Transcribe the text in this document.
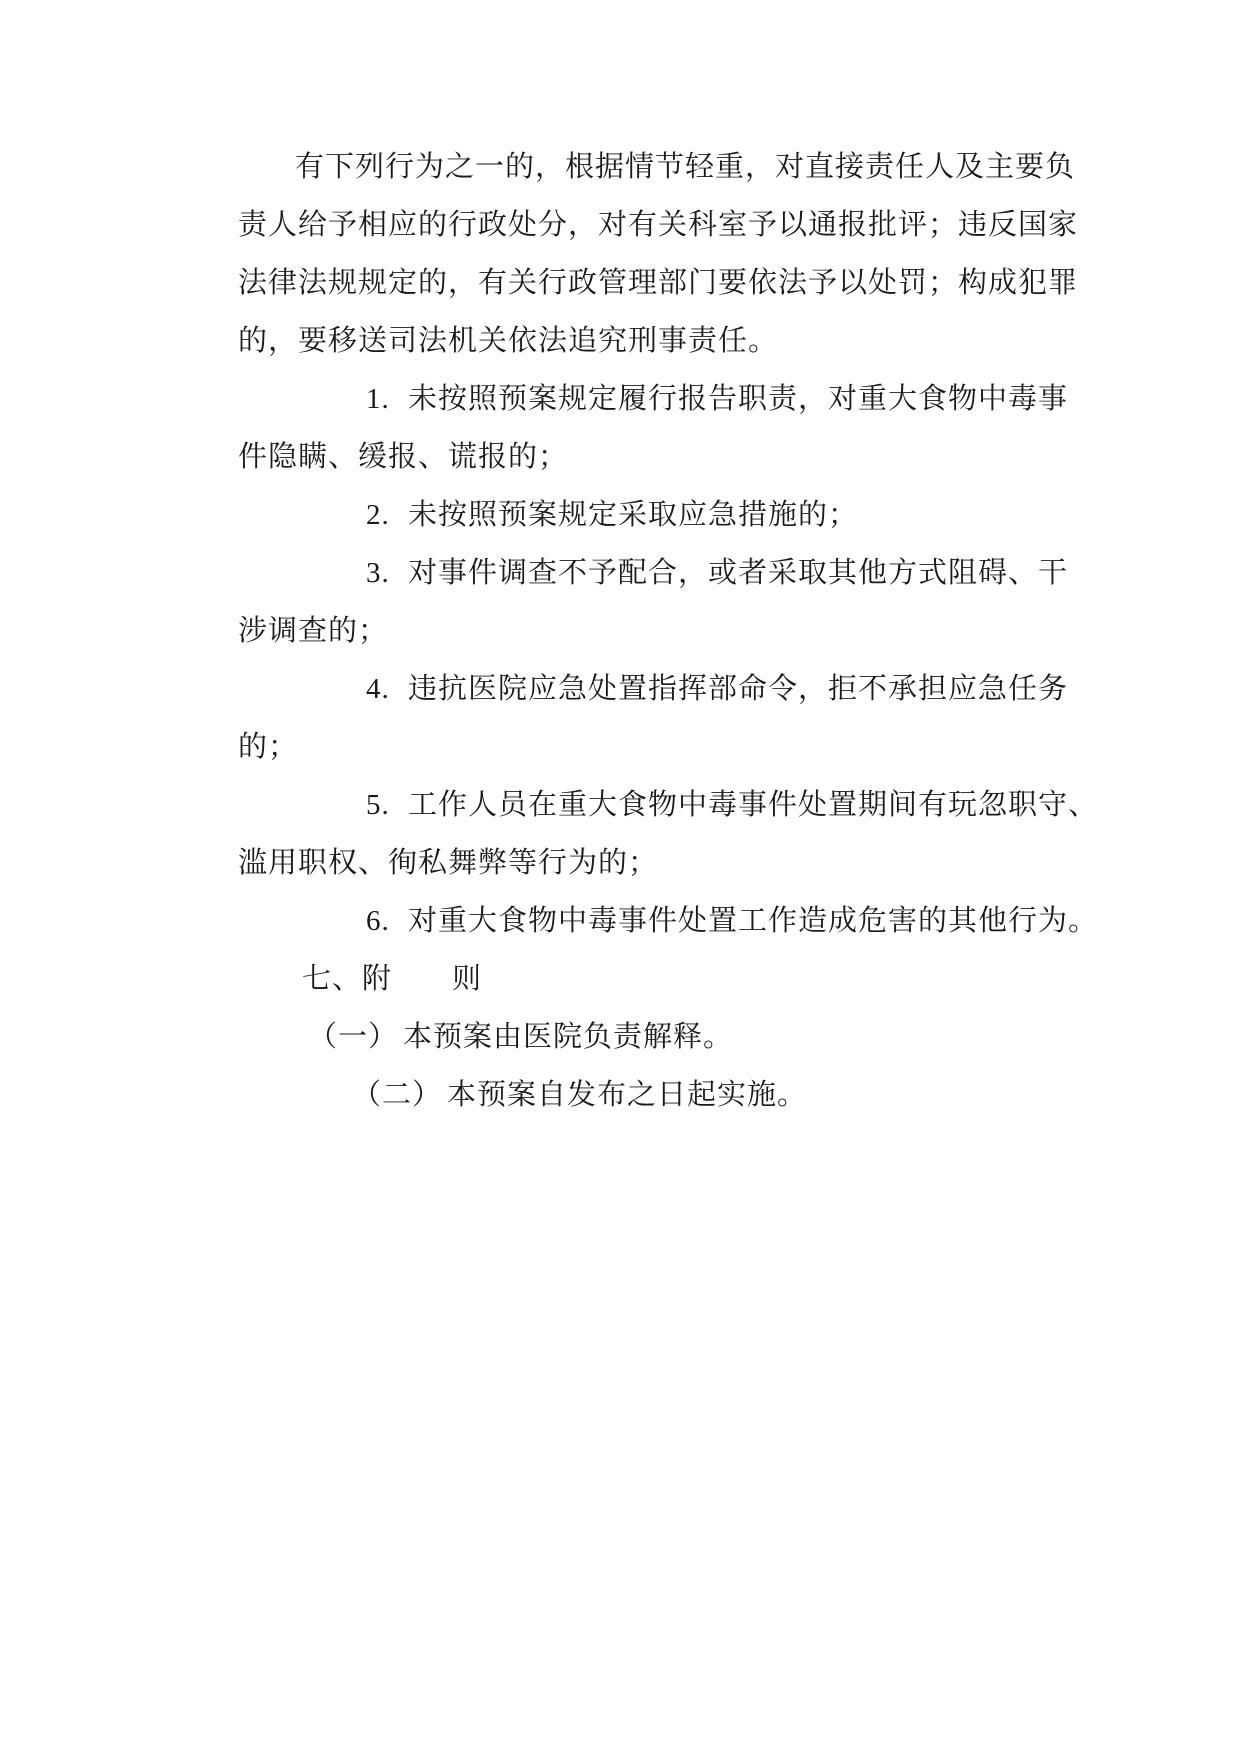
有下列行为之一的，根据情节轻重，对直接责任人及主要负
责人给予相应的行政处分，对有关科室予以通报批评；违反国家
法律法规规定的，有关行政管理部门要依法予以处罚；构成犯罪
的，要移送司法机关依法追究刑事责任。
1. 未按照预案规定履行报告职责，对重大食物中毒事
件隐瞒、缓报、谎报的；
2. 未按照预案规定采取应急措施的；
3. 对事件调查不予配合，或者采取其他方式阻碍、干
涉调查的；
4. 违抗医院应急处置指挥部命令，拒不承担应急任务
的；
5. 工作人员在重大食物中毒事件处置期间有玩忽职守、
滥用职权、徇私舞弊等行为的；
6. 对重大食物中毒事件处置工作造成危害的其他行为。
七、附　　则
（一） 本预案由医院负责解释。
（二） 本预案自发布之日起实施。
